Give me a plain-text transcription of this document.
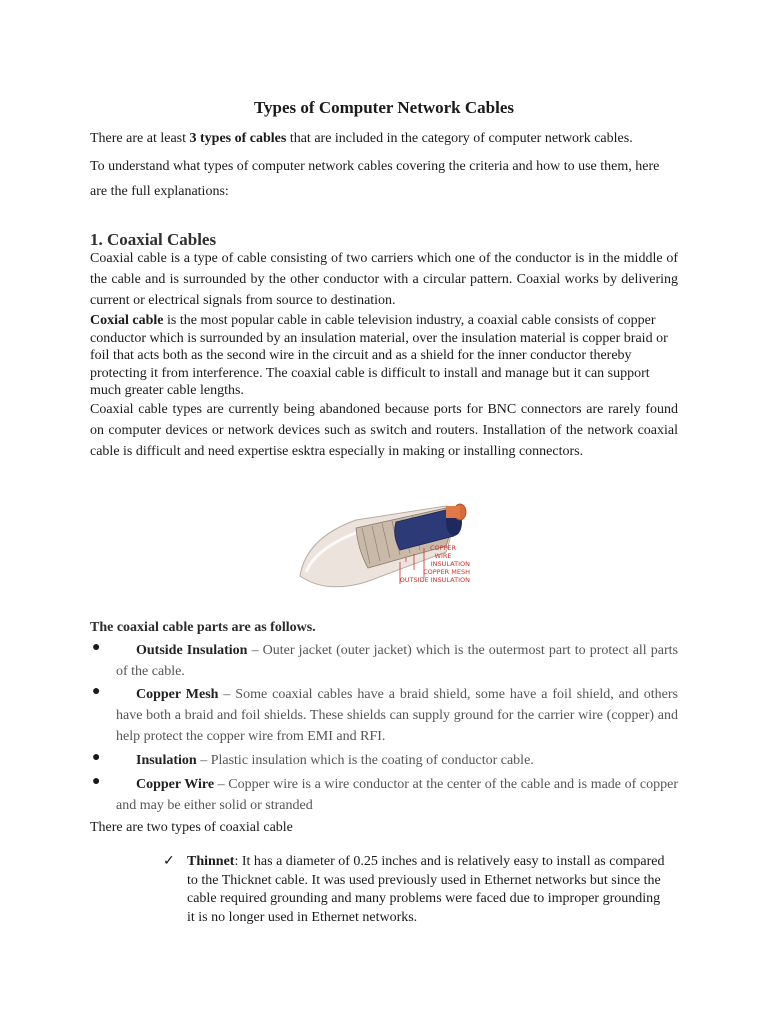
Types of Computer Network Cables
There are at least 3 types of cables that are included in the category of computer network cables.
To understand what types of computer network cables covering the criteria and how to use them, here are the full explanations:
1. Coaxial Cables
Coaxial cable is a type of cable consisting of two carriers which one of the conductor is in the middle of the cable and is surrounded by the other conductor with a circular pattern. Coaxial works by delivering current or electrical signals from source to destination.
Coxial cable is the most popular cable in cable television industry, a coaxial cable consists of copper conductor which is surrounded by an insulation material, over the insulation material is copper braid or foil that acts both as the second wire in the circuit and as a shield for the inner conductor thereby protecting it from interference. The coaxial cable is difficult to install and manage but it can support much greater cable lengths.
Coaxial cable types are currently being abandoned because ports for BNC connectors are rarely found on computer devices or network devices such as switch and routers. Installation of the network coaxial cable is difficult and need expertise esktra especially in making or installing connectors.
COPPER WIRE
INSULATION
COPPER MESH
OUTSIDE INSULATION
The coaxial cable parts are as follows.
●	Outside Insulation – Outer jacket (outer jacket) which is the outermost part to protect all parts of the cable.
●	Copper Mesh – Some coaxial cables have a braid shield, some have a foil shield, and others have both a braid and foil shields. These shields can supply ground for the carrier wire (copper) and help protect the copper wire from EMI and RFI.
●	Insulation – Plastic insulation which is the coating of conductor cable.
●	Copper Wire – Copper wire is a wire conductor at the center of the cable and is made of copper and may be either solid or stranded
There are two types of coaxial cable
✓ Thinnet: It has a diameter of 0.25 inches and is relatively easy to install as compared to the Thicknet cable. It was used previously used in Ethernet networks but since the cable required grounding and many problems were faced due to improper grounding it is no longer used in Ethernet networks.
